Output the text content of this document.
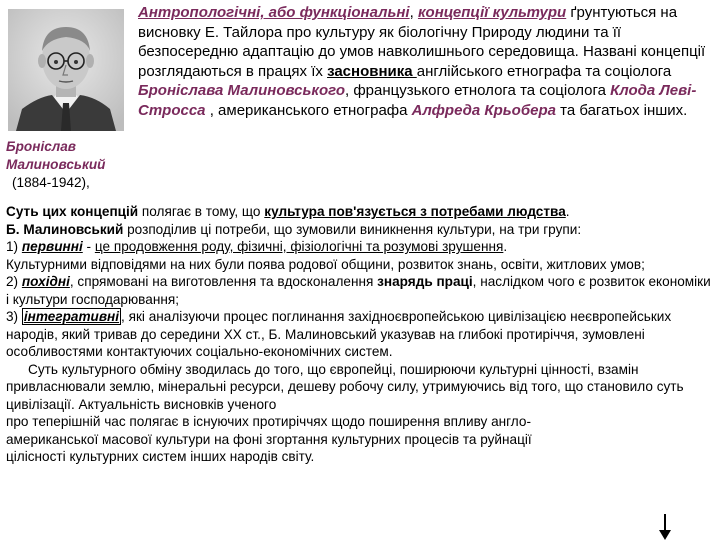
Броніслав
Малиновський
(1884-1942),
Антропологічні, або функціональні, концепції культури ґрунтуються на висновку Е. Тайлора про культуру як біологічну Природу людини та її безпосередню адаптацію до умов навколишнього середовища. Названі концепції розглядаються в працях їх засновника англійського етнографа та соціолога Броніслава Малиновського, французького етнолога та соціолога Клода Леві-Стросса , американського етнографа Алфреда Крьобера та багатьох інших.

Суть цих концепцій полягає в тому, що культура пов'язується з потребами людства.

Б. Малиновський розподілив ці потреби, що зумовили виникнення культури, на три групи:

1) первинні - це продовження роду, фізичні, фізіологічні та розумові зрушення.

Культурними відповідями на них були поява родової общини, розвиток знань, освіти, житлових умов;

2) похідні, спрямовані на виготовлення та вдосконалення знарядь праці, наслідком чого є розвиток економіки і культури господарювання;

3) інтегративні , які аналізуючи процес поглинання західноєвропейською цивілізацією неєвропейських народів, який тривав до середини XX ст., Б. Малиновський указував на глибокі протиріччя, зумовлені особливостями контактуючих соціально-економічних систем.

Суть культурного обміну зводилась до того, що європейці, поширюючи культурні цінності, взамін привласнювали землю, мінеральні ресурси, дешеву робочу силу, утримуючись від того, що становило суть цивілізації. Актуальність висновків ученого

про теперішній час полягає в існуючих протиріччях щодо поширення впливу англо-

американської масової культури на фоні згортання культурних процесів та руйнації

цілісності культурних систем інших народів світу.
